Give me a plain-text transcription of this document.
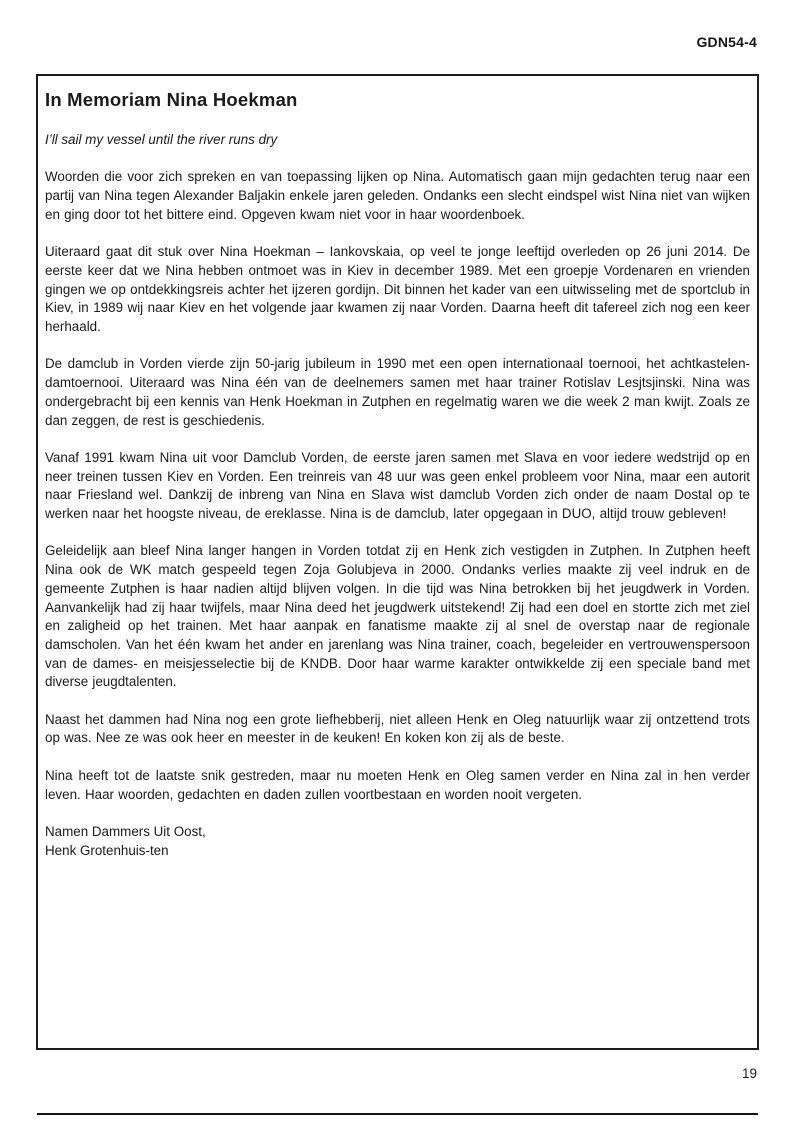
GDN54-4
In Memoriam Nina Hoekman

I’ll sail my vessel until the river runs dry

Woorden die voor zich spreken en van toepassing lijken op Nina. Automatisch gaan mijn gedachten terug naar een partij van Nina tegen Alexander Baljakin enkele jaren geleden. Ondanks een slecht eindspel wist Nina niet van wijken en ging door tot het bittere eind. Opgeven kwam niet voor in haar woordenboek.

Uiteraard gaat dit stuk over Nina Hoekman – Iankovskaia, op veel te jonge leeftijd overleden op 26 juni 2014. De eerste keer dat we Nina hebben ontmoet was in Kiev in december 1989. Met een groepje Vordenaren en vrienden gingen we op ontdekkingsreis achter het ijzeren gordijn. Dit binnen het kader van een uitwisseling met de sportclub in Kiev, in 1989 wij naar Kiev en het volgende jaar kwamen zij naar Vorden. Daarna heeft dit tafereel zich nog een keer herhaald.

De damclub in Vorden vierde zijn 50-jarig jubileum in 1990 met een open internationaal toernooi, het achtkastelen-damtoernooi. Uiteraard was Nina één van de deelnemers samen met haar trainer Rotislav Lesjtsjinski. Nina was ondergebracht bij een kennis van Henk Hoekman in Zutphen en regelmatig waren we die week 2 man kwijt. Zoals ze dan zeggen, de rest is geschiedenis.

Vanaf 1991 kwam Nina uit voor Damclub Vorden, de eerste jaren samen met Slava en voor iedere wedstrijd op en neer treinen tussen Kiev en Vorden. Een treinreis van 48 uur was geen enkel probleem voor Nina, maar een autorit naar Friesland wel. Dankzij de inbreng van Nina en Slava wist damclub Vorden zich onder de naam Dostal op te werken naar het hoogste niveau, de ereklasse. Nina is de damclub, later opgegaan in DUO, altijd trouw gebleven!

Geleidelijk aan bleef Nina langer hangen in Vorden totdat zij en Henk zich vestigden in Zutphen. In Zutphen heeft Nina ook de WK match gespeeld tegen Zoja Golubjeva in 2000. Ondanks verlies maakte zij veel indruk en de gemeente Zutphen is haar nadien altijd blijven volgen. In die tijd was Nina betrokken bij het jeugdwerk in Vorden. Aanvankelijk had zij haar twijfels, maar Nina deed het jeugdwerk uitstekend! Zij had een doel en stortte zich met ziel en zaligheid op het trainen. Met haar aanpak en fanatisme maakte zij al snel de overstap naar de regionale damscholen. Van het één kwam het ander en jarenlang was Nina trainer, coach, begeleider en vertrouwenspersoon van de dames- en meisjesselectie bij de KNDB. Door haar warme karakter ontwikkelde zij een speciale band met diverse jeugdtalenten.

Naast het dammen had Nina nog een grote liefhebberij, niet alleen Henk en Oleg natuurlijk waar zij ontzettend trots op was. Nee ze was ook heer en meester in de keuken! En koken kon zij als de beste.

Nina heeft tot de laatste snik gestreden, maar nu moeten Henk en Oleg samen verder en Nina zal in hen verder leven. Haar woorden, gedachten en daden zullen voortbestaan en worden nooit vergeten.

Namen Dammers Uit Oost,
Henk Grotenhuis-ten
19
